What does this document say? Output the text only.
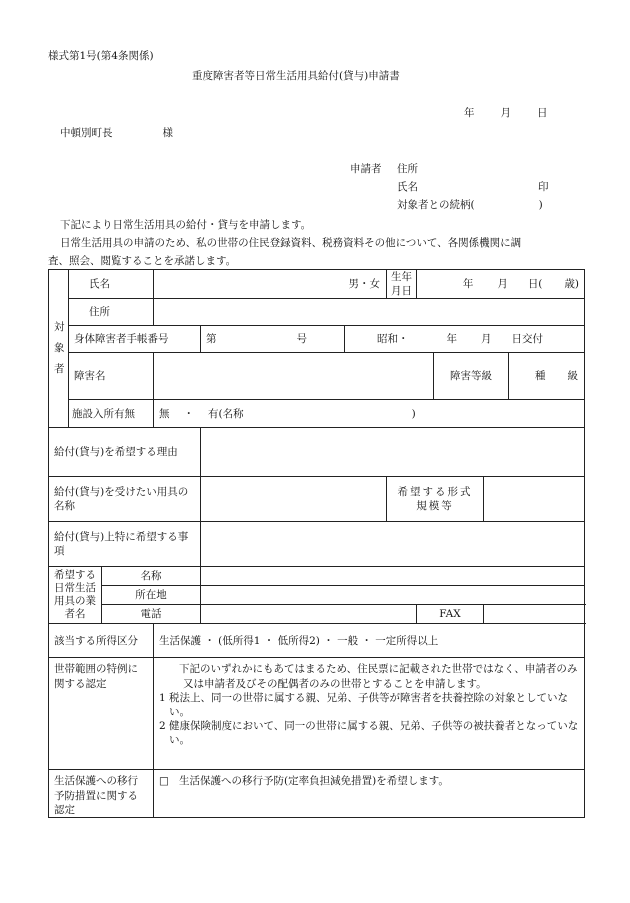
様式第1号(第4条関係)
重度障害者等日常生活用具給付(貸与)申請書
年 月 日
中頓別町長	様
申請者 住所
氏名	印
対象者との続柄(	)
下記により日常生活用具の給付・貸与を申請します。
日常生活用具の申請のため、私の世帯の住民登録資料、税務資料その他について、各関係機関に調
査、照会、閲覧することを承諾します。
対
象
者	氏名		男・女			生年月日	年 月 日( 歳)			
	住所									
	身体障害者手帳番号			第 号	昭和・ 年 月 日交付					
	障害名							障害等級		種 級
	施設入所有無		無 ・ 有(名称 )							
給付(貸与)を希望する理由										
給付(貸与)を受けたい用具の名称						希望する形式規模等				
給付(貸与)上特に希望する事項										
希望する日常生活用具の業者名		名称								
		所在地								
		電話					FAX			
該当する所得区分			生活保護 ・ (低所得1 ・ 低所得2) ・ 一般 ・ 一定所得以上							
世帯範囲の特例に関する認定			下記のいずれかにもあてはまるため、住民票に記載された世帯ではなく、申請者のみ又は申請者及びその配偶者のみの世帯とすることを申請します。

1 税法上、同一の世帯に属する親、兄弟、子供等が障害者を扶養控除の対象としていない。

2 健康保険制度において、同一の世帯に属する親、兄弟、子供等の被扶養者となっていない。							

生活保護への移行予防措置に関する認定			□ 生活保護への移行予防(定率負担減免措置)を希望します。							
